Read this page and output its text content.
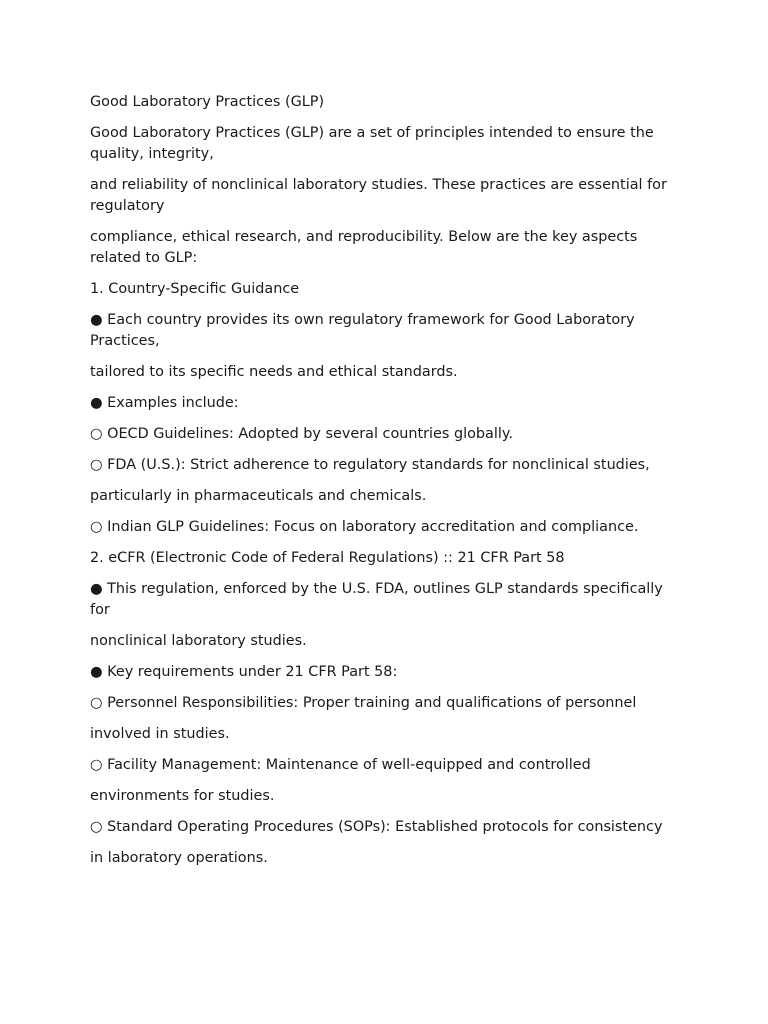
Good Laboratory Practices (GLP)

Good Laboratory Practices (GLP) are a set of principles intended to ensure the quality, integrity,

and reliability of nonclinical laboratory studies. These practices are essential for regulatory

compliance, ethical research, and reproducibility. Below are the key aspects related to GLP:

1. Country-Specific Guidance

● Each country provides its own regulatory framework for Good Laboratory Practices,

tailored to its specific needs and ethical standards.

● Examples include:

○ OECD Guidelines: Adopted by several countries globally.

○ FDA (U.S.): Strict adherence to regulatory standards for nonclinical studies,

particularly in pharmaceuticals and chemicals.

○ Indian GLP Guidelines: Focus on laboratory accreditation and compliance.

2. eCFR (Electronic Code of Federal Regulations) :: 21 CFR Part 58

● This regulation, enforced by the U.S. FDA, outlines GLP standards specifically for

nonclinical laboratory studies.

● Key requirements under 21 CFR Part 58:

○ Personnel Responsibilities: Proper training and qualifications of personnel

involved in studies.

○ Facility Management: Maintenance of well-equipped and controlled

environments for studies.

○ Standard Operating Procedures (SOPs): Established protocols for consistency

in laboratory operations.
